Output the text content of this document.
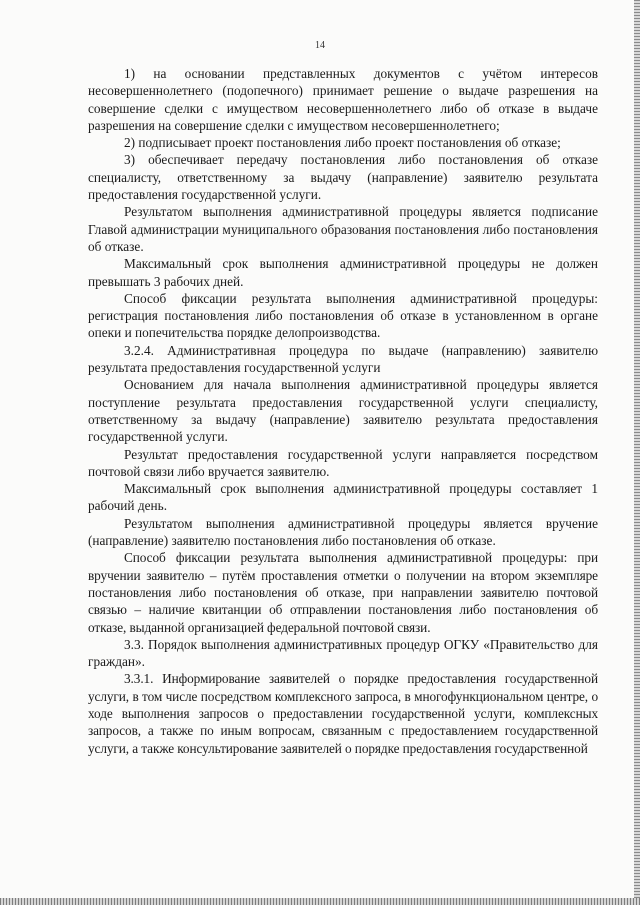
14

1) на основании представленных документов с учётом интересов несовершеннолетнего (подопечного) принимает решение о выдаче разрешения на совершение сделки с имуществом несовершеннолетнего либо об отказе в выдаче разрешения на совершение сделки с имуществом несовершеннолетнего;

2) подписывает проект постановления либо проект постановления об отказе;

3) обеспечивает передачу постановления либо постановления об отказе специалисту, ответственному за выдачу (направление) заявителю результата предоставления государственной услуги.

Результатом выполнения административной процедуры является подписание Главой администрации муниципального образования постановления либо постановления об отказе.

Максимальный срок выполнения административной процедуры не должен превышать 3 рабочих дней.

Способ фиксации результата выполнения административной процедуры: регистрация постановления либо постановления об отказе в установленном в органе опеки и попечительства порядке делопроизводства.

3.2.4. Административная процедура по выдаче (направлению) заявителю результата предоставления государственной услуги

Основанием для начала выполнения административной процедуры является поступление результата предоставления государственной услуги специалисту, ответственному за выдачу (направление) заявителю результата предоставления государственной услуги.

Результат предоставления государственной услуги направляется посредством почтовой связи либо вручается заявителю.

Максимальный срок выполнения административной процедуры составляет 1 рабочий день.

Результатом выполнения административной процедуры является вручение (направление) заявителю постановления либо постановления об отказе.

Способ фиксации результата выполнения административной процедуры: при вручении заявителю – путём проставления отметки о получении на втором экземпляре постановления либо постановления об отказе, при направлении заявителю почтовой связью – наличие квитанции об отправлении постановления либо постановления об отказе, выданной организацией федеральной почтовой связи.

3.3. Порядок выполнения административных процедур ОГКУ «Правительство для граждан».

3.3.1. Информирование заявителей о порядке предоставления государственной услуги, в том числе посредством комплексного запроса, в многофункциональном центре, о ходе выполнения запросов о предоставлении государственной услуги, комплексных запросов, а также по иным вопросам, связанным с предоставлением государственной услуги, а также консультирование заявителей о порядке предоставления государственной
